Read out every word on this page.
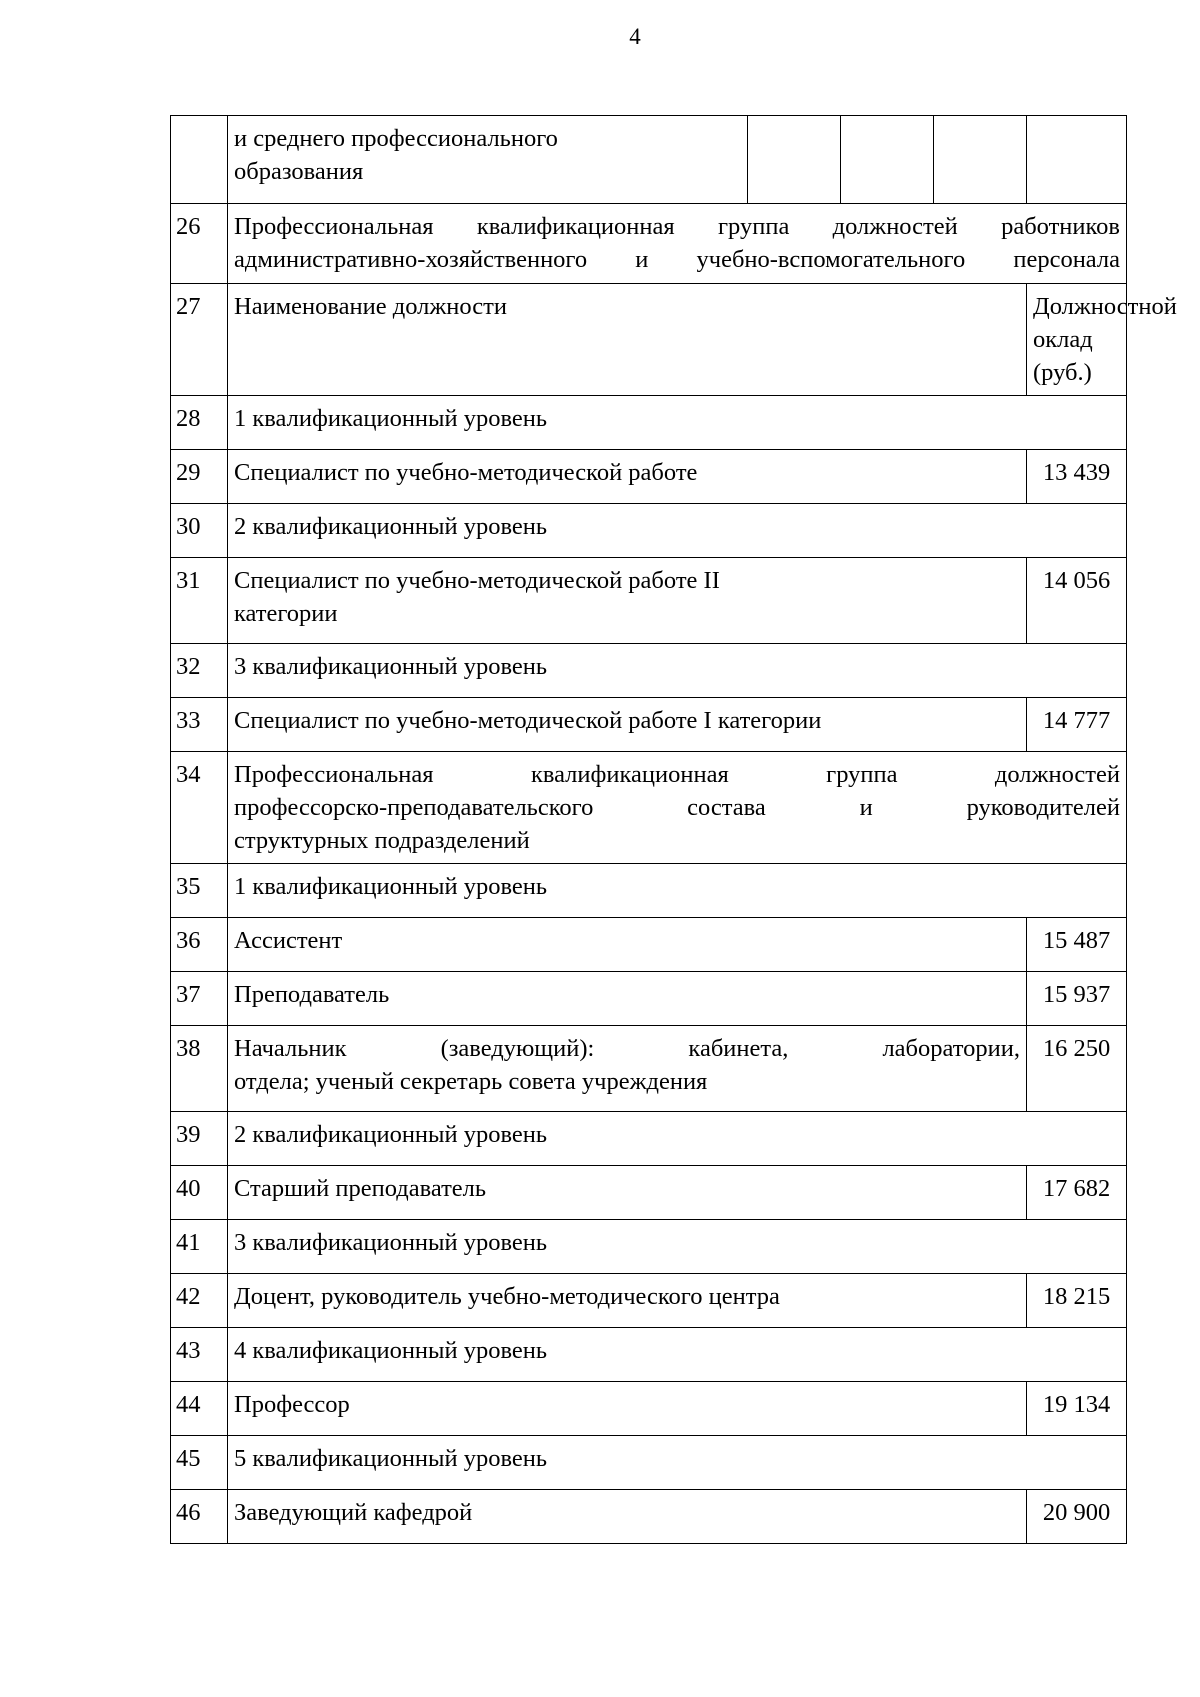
4

	и среднего профессионального
образования				

26	Профессиональная квалификационная группа должностей работников
административно-хозяйственного и учебно-вспомогательного персонала				

27	Наименование должности				Должностной
оклад (руб.)

28	1 квалификационный уровень				
29	Специалист по учебно-методической работе				13 439
30	2 квалификационный уровень				
31	Специалист по учебно-методической работе II
категории				14 056
32	3 квалификационный уровень				
33	Специалист по учебно-методической работе I категории				14 777
34	Профессиональная квалификационная группа должностей
профессорско-преподавательского состава и руководителей
структурных подразделений				

35	1 квалификационный уровень				
36	Ассистент				15 487
37	Преподаватель				15 937
38	Начальник (заведующий): кабинета, лаборатории,
отдела; ученый секретарь совета учреждения				16 250
39	2 квалификационный уровень				
40	Старший преподаватель				17 682
41	3 квалификационный уровень				
42	Доцент, руководитель учебно-методического центра				18 215
43	4 квалификационный уровень				
44	Профессор				19 134
45	5 квалификационный уровень				
46	Заведующий кафедрой				20 900
